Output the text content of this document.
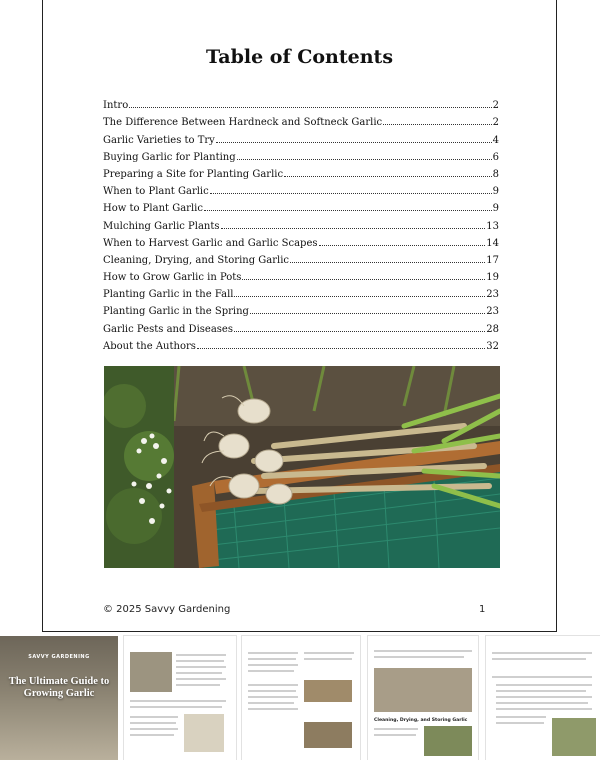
Table of Contents
Intro	2
The Difference Between Hardneck and Softneck Garlic	2
Garlic Varieties to Try	4
Buying Garlic for Planting	6
Preparing a Site for Planting Garlic	8
When to Plant Garlic	9
How to Plant Garlic	9
Mulching Garlic Plants	13
When to Harvest Garlic and Garlic Scapes	14
Cleaning, Drying, and Storing Garlic	17
How to Grow Garlic in Pots	19
Planting Garlic in the Fall	23
Planting Garlic in the Spring	23
Garlic Pests and Diseases	28
About the Authors	32
© 2025 Savvy Gardening	1
Cleaning, Drying, and Storing Garlic
SAVVY GARDENING
The Ultimate Guide to Growing Garlic
